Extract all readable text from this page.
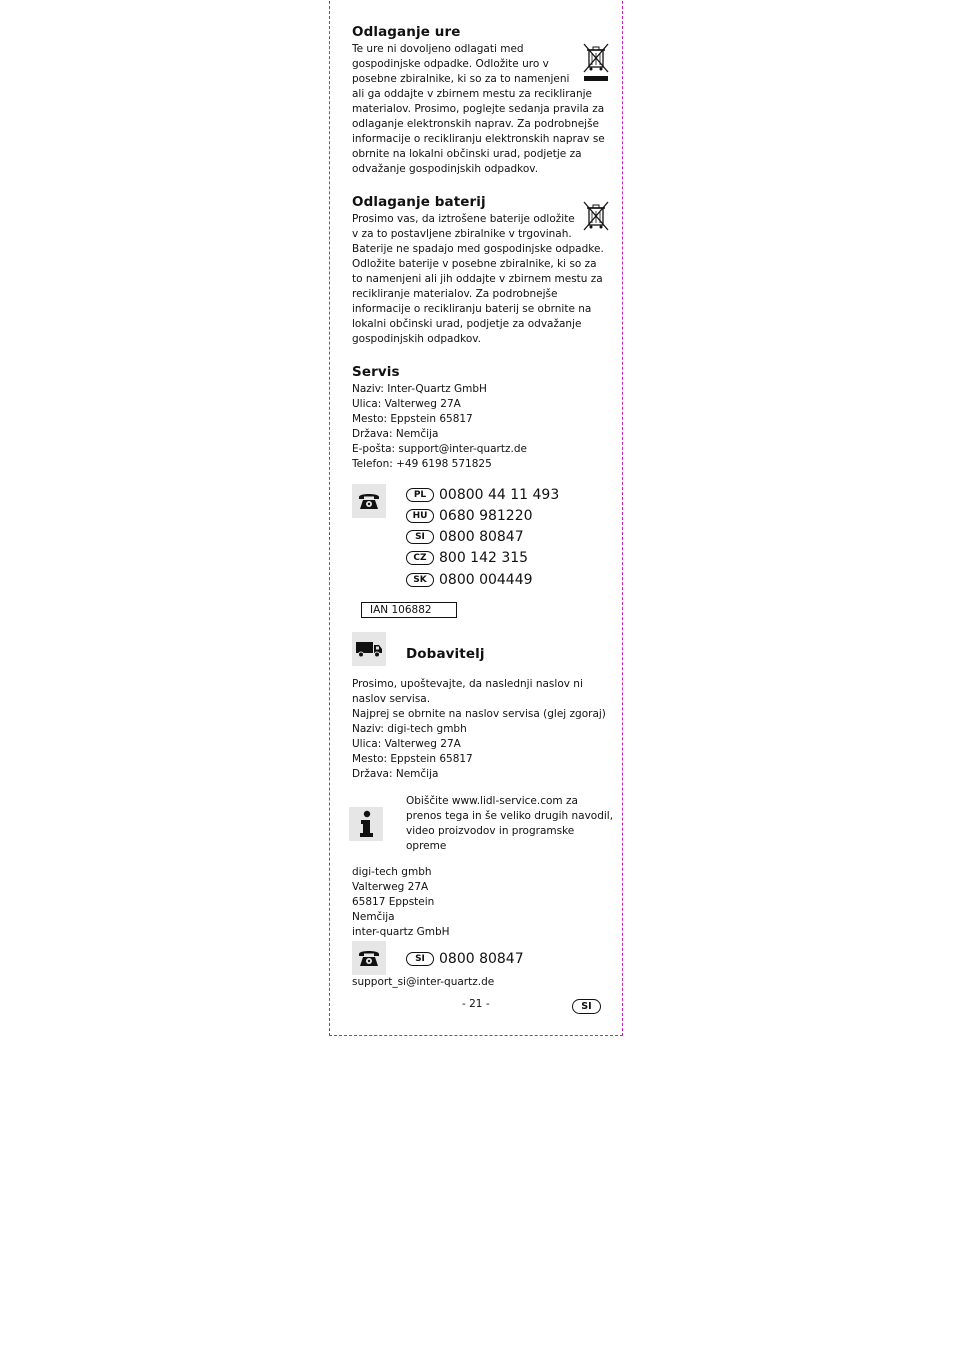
Odlaganje ure
Te ure ni dovoljeno odlagati med
gospodinjske odpadke. Odložite uro v
posebne zbiralnike, ki so za to namenjeni
ali ga oddajte v zbirnem mestu za recikliranje
materialov. Prosimo, poglejte sedanja pravila za
odlaganje elektronskih naprav. Za podrobnejše
informacije o recikliranju elektronskih naprav se
obrnite na lokalni občinski urad, podjetje za
odvažanje gospodinjskih odpadkov.
Odlaganje baterij
Prosimo vas, da iztrošene baterije odložite
v za to postavljene zbiralnike v trgovinah.
Baterije ne spadajo med gospodinjske odpadke.
Odložite baterije v posebne zbiralnike, ki so za
to namenjeni ali jih oddajte v zbirnem mestu za
recikliranje materialov. Za podrobnejše
informacije o recikliranju baterij se obrnite na
lokalni občinski urad, podjetje za odvažanje
gospodinjskih odpadkov.
Servis
Naziv: Inter-Quartz GmbH
Ulica: Valterweg 27A
Mesto: Eppstein 65817
Država: Nemčija
E-pošta: support@inter-quartz.de
Telefon: +49 6198 571825
PL 00800 44 11 493
HU 0680 981220
SI	0800 80847
CZ 800 142 315
SK 0800 004449
IAN 106882
Dobavitelj
Prosimo, upoštevajte, da naslednji naslov ni
naslov servisa.
Najprej se obrnite na naslov servisa (glej zgoraj)
Naziv: digi-tech gmbh
Ulica: Valterweg 27A
Mesto: Eppstein 65817
Država: Nemčija
Obiščite www.lidl-service.com za
prenos tega in še veliko drugih navodil,
video proizvodov in programske
opreme
digi-tech gmbh
Valterweg 27A
65817 Eppstein
Nemčija
inter-quartz GmbH
SI	0800 80847
support_si@inter-quartz.de
- 21 -	SI
